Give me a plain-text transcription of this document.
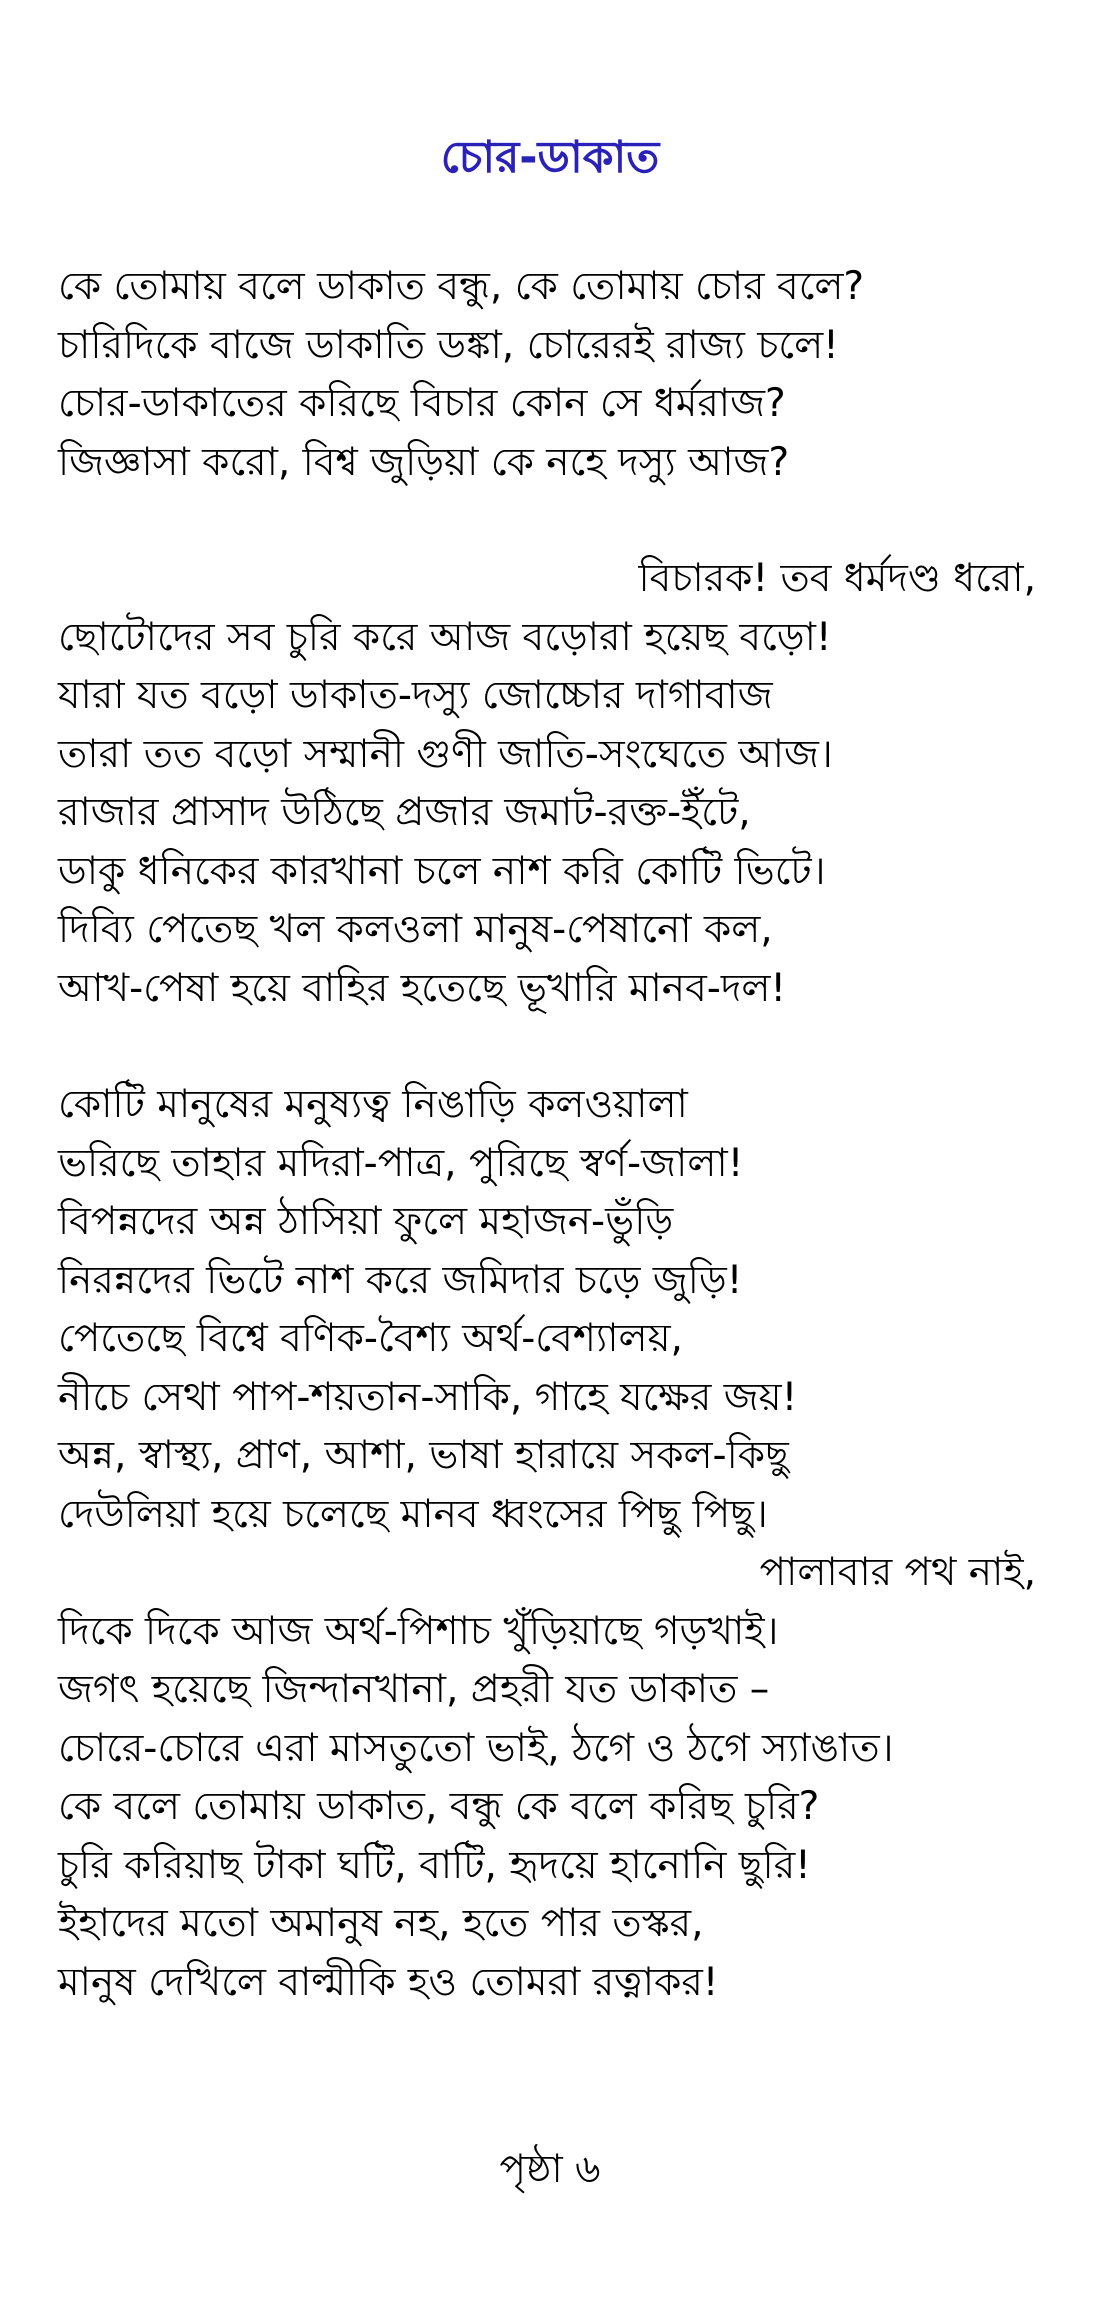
চোর-ডাকাত
কে তোমায় বলে ডাকাত বন্ধু, কে তোমায় চোর বলে?
চারিদিকে বাজে ডাকাতি ডঙ্কা, চোরেরই রাজ্য চলে!
চোর-ডাকাতের করিছে বিচার কোন সে ধর্মরাজ?
জিজ্ঞাসা করো, বিশ্ব জুড়িয়া কে নহে দস্যু আজ?
বিচারক! তব ধর্মদণ্ড ধরো,
ছোটোদের সব চুরি করে আজ বড়োরা হয়েছ বড়ো!
যারা যত বড়ো ডাকাত-দস্যু জোচ্চোর দাগাবাজ
তারা তত বড়ো সম্মানী গুণী জাতি-সংঘেতে আজ।
রাজার প্রাসাদ উঠিছে প্রজার জমাট-রক্ত-ইঁটে,
ডাকু ধনিকের কারখানা চলে নাশ করি কোটি ভিটে।
দিব্যি পেতেছ খল কলওলা মানুষ-পেষানো কল,
আখ-পেষা হয়ে বাহির হতেছে ভূখারি মানব-দল!
কোটি মানুষের মনুষ্যত্ব নিঙাড়ি কলওয়ালা
ভরিছে তাহার মদিরা-পাত্র, পুরিছে স্বর্ণ-জালা!
বিপন্নদের অন্ন ঠাসিয়া ফুলে মহাজন-ভুঁড়ি
নিরন্নদের ভিটে নাশ করে জমিদার চড়ে জুড়ি!
পেতেছে বিশ্বে বণিক-বৈশ্য অর্থ-বেশ্যালয়,
নীচে সেথা পাপ-শয়তান-সাকি, গাহে যক্ষের জয়!
অন্ন, স্বাস্থ্য, প্রাণ, আশা, ভাষা হারায়ে সকল-কিছু
দেউলিয়া হয়ে চলেছে মানব ধ্বংসের পিছু পিছু।
পালাবার পথ নাই,
দিকে দিকে আজ অর্থ-পিশাচ খুঁড়িয়াছে গড়খাই।
জগৎ হয়েছে জিন্দানখানা, প্রহরী যত ডাকাত –
চোরে-চোরে এরা মাসতুতো ভাই, ঠগে ও ঠগে স্যাঙাত।
কে বলে তোমায় ডাকাত, বন্ধু কে বলে করিছ চুরি?
চুরি করিয়াছ টাকা ঘটি, বাটি, হৃদয়ে হানোনি ছুরি!
ইহাদের মতো অমানুষ নহ, হতে পার তস্কর,
মানুষ দেখিলে বাল্মীকি হও তোমরা রত্নাকর!
পৃষ্ঠা ৬
